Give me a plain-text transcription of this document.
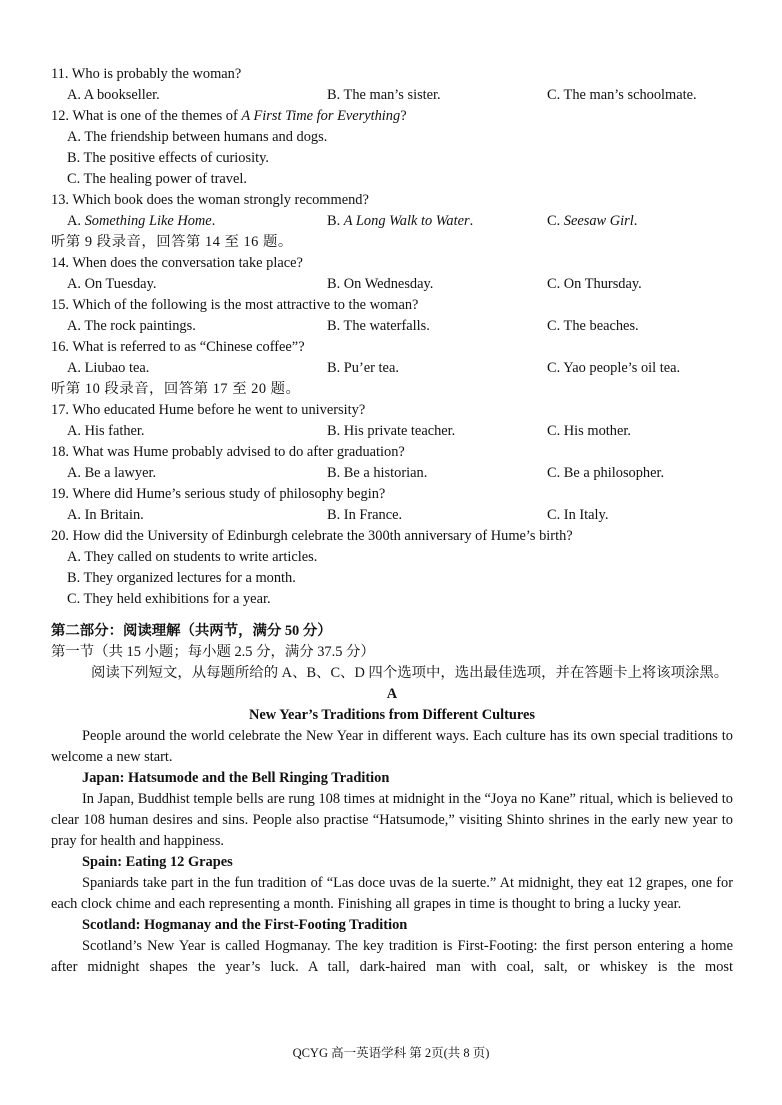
11. Who is probably the woman?
A. A bookseller.	B. The man’s sister.	C. The man’s schoolmate.
12. What is one of the themes of A First Time for Everything?
A. The friendship between humans and dogs.
B. The positive effects of curiosity.
C. The healing power of travel.
13. Which book does the woman strongly recommend?
A. Something Like Home.	B. A Long Walk to Water.	C. Seesaw Girl.
听第 9 段录音，回答第 14 至 16 题。
14. When does the conversation take place?
A. On Tuesday.	B. On Wednesday.	C. On Thursday.
15. Which of the following is the most attractive to the woman?
A. The rock paintings.	B. The waterfalls.	C. The beaches.
16. What is referred to as “Chinese coffee”?
A. Liubao tea.	B. Pu’er tea.	C. Yao people’s oil tea.
听第 10 段录音，回答第 17 至 20 题。
17. Who educated Hume before he went to university?
A. His father.	B. His private teacher.	C. His mother.
18. What was Hume probably advised to do after graduation?
A. Be a lawyer.	B. Be a historian.	C. Be a philosopher.
19. Where did Hume’s serious study of philosophy begin?
A. In Britain.	B. In France.	C. In Italy.
20. How did the University of Edinburgh celebrate the 300th anniversary of Hume’s birth?
A. They called on students to write articles.
B. They organized lectures for a month.
C. They held exhibitions for a year.
第二部分：阅读理解（共两节，满分 50 分）
第一节（共 15 小题；每小题 2.5 分，满分 37.5 分）

阅读下列短文，从每题所给的 A、B、C、D 四个选项中，选出最佳选项，并在答题卡上将该项涂黑。

A
New Year’s Traditions from Different Cultures

People around the world celebrate the New Year in different ways. Each culture has its own special traditions to welcome a new start.

Japan: Hatsumode and the Bell Ringing Tradition

In Japan, Buddhist temple bells are rung 108 times at midnight in the “Joya no Kane” ritual, which is believed to clear 108 human desires and sins. People also practise “Hatsumode,” visiting Shinto shrines in the early new year to pray for health and happiness.

Spain: Eating 12 Grapes

Spaniards take part in the fun tradition of “Las doce uvas de la suerte.” At midnight, they eat 12 grapes, one for each clock chime and each representing a month. Finishing all grapes in time is thought to bring a lucky year.

Scotland: Hogmanay and the First-Footing Tradition

Scotland’s New Year is called Hogmanay. The key tradition is First-Footing: the first person entering a home after midnight shapes the year’s luck. A tall, dark-haired man with coal, salt, or whiskey is the most

QCYG 高一英语学科 第 2页(共 8 页)
